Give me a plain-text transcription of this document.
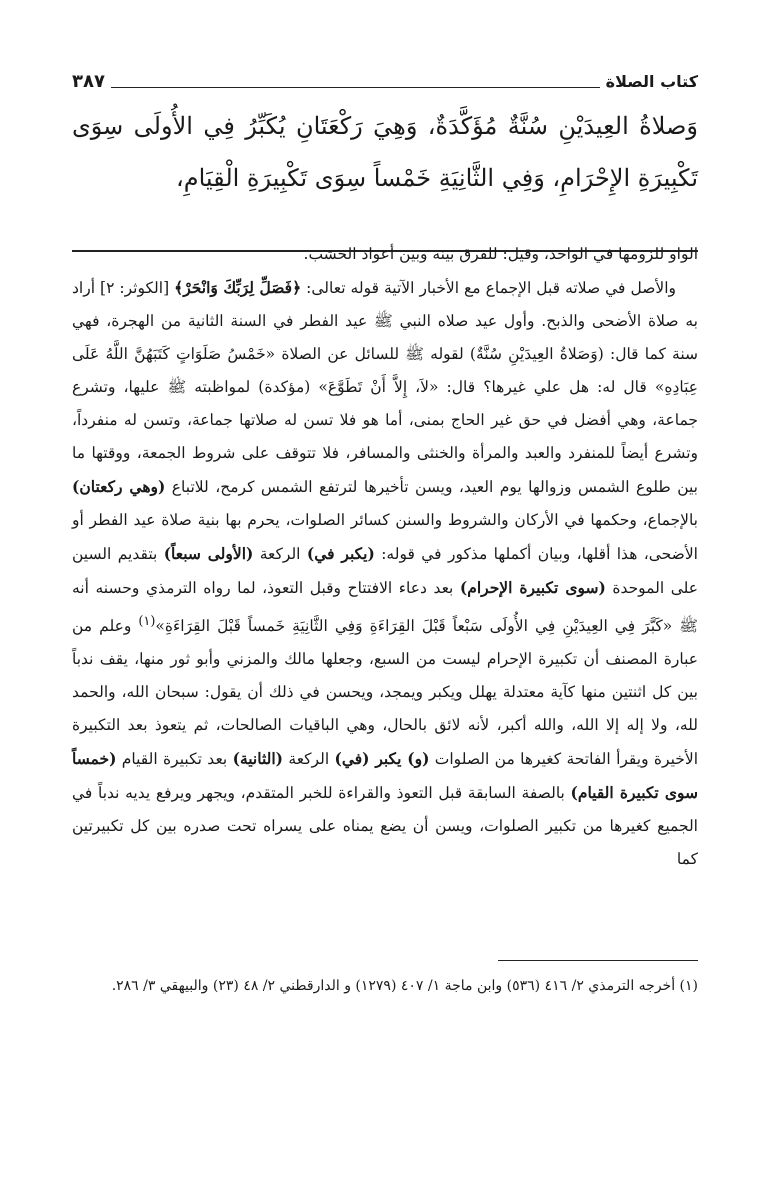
كتاب الصلاة
٣٨٧

وَصلاةُ العِيدَيْنِ سُنَّةٌ مُؤَكَّدَةٌ، وَهِيَ رَكْعَتَانِ يُكَبِّرُ فِي الأُولَى سِوَى تَكْبِيرَةِ الإِحْرَامِ، وَفِي الثَّانِيَةِ خَمْساً سِوَى تَكْبِيرَةِ الْقِيَامِ،

الواو للزومها في الواحد، وقيل: للفرق بينه وبين أعواد الخشب.

والأصل في صلاته قبل الإجماع مع الأخبار الآتية قوله تعالى: ﴿فَصَلِّ لِرَبِّكَ وَانْحَرْ﴾ [الكوثر: ٢] أراد به صلاة الأضحى والذبح. وأول عيد صلاه النبي ﷺ عيد الفطر في السنة الثانية من الهجرة، فهي سنة كما قال: (وَصَلاةُ العِيدَيْنِ سُنَّةٌ) لقوله ﷺ للسائل عن الصلاة «خَمْسُ صَلَوَاتٍ كَتَبَهُنَّ اللَّهُ عَلَى عِبَادِهِ» قال له: هل علي غيرها؟ قال: «لاَ، إِلاَّ أَنْ تَطَوَّعَ» (مؤكدة) لمواظبته ﷺ عليها، وتشرع جماعة، وهي أفضل في حق غير الحاج بمنى، أما هو فلا تسن له صلاتها جماعة، وتسن له منفرداً، وتشرع أيضاً للمنفرد والعبد والمرأة والخنثى والمسافر، فلا تتوقف على شروط الجمعة، ووقتها ما بين طلوع الشمس وزوالها يوم العيد، ويسن تأخيرها لترتفع الشمس كرمح، للاتباع (وهي ركعتان) بالإجماع، وحكمها في الأركان والشروط والسنن كسائر الصلوات، يحرم بها بنية صلاة عيد الفطر أو الأضحى، هذا أقلها، وبيان أكملها مذكور في قوله: (يكبر في) الركعة (الأولى سبعاً) بتقديم السين على الموحدة (سوى تكبيرة الإحرام) بعد دعاء الافتتاح وقبل التعوذ، لما رواه الترمذي وحسنه أنه ﷺ «كَبَّرَ فِي العِيدَيْنِ فِي الأُولَى سَبْعاً قَبْلَ القِرَاءَةِ وَفِي الثَّانِيَةِ خَمساً قَبْلَ القِرَاءَةِ»$^{(١)}$ وعلم من عبارة المصنف أن تكبيرة الإحرام ليست من السبع، وجعلها مالك والمزني وأبو ثور منها، يقف ندباً بين كل اثنتين منها كآية معتدلة يهلل ويكبر ويمجد، ويحسن في ذلك أن يقول: سبحان الله، والحمد لله، ولا إله إلا الله، والله أكبر، لأنه لائق بالحال، وهي الباقيات الصالحات، ثم يتعوذ بعد التكبيرة الأخيرة ويقرأ الفاتحة كغيرها من الصلوات (و) يكبر (في) الركعة (الثانية) بعد تكبيرة القيام (خمساً سوى تكبيرة القيام) بالصفة السابقة قبل التعوذ والقراءة للخبر المتقدم، ويجهر ويرفع يديه ندباً في الجميع كغيرها من تكبير الصلوات، ويسن أن يضع يمناه على يسراه تحت صدره بين كل تكبيرتين كما

(١) أخرجه الترمذي ٢/ ٤١٦ (٥٣٦) وابن ماجة ١/ ٤٠٧ (١٢٧٩) و الدارقطني ٢/ ٤٨ (٢٣) والبيهقي ٣/ ٢٨٦.
